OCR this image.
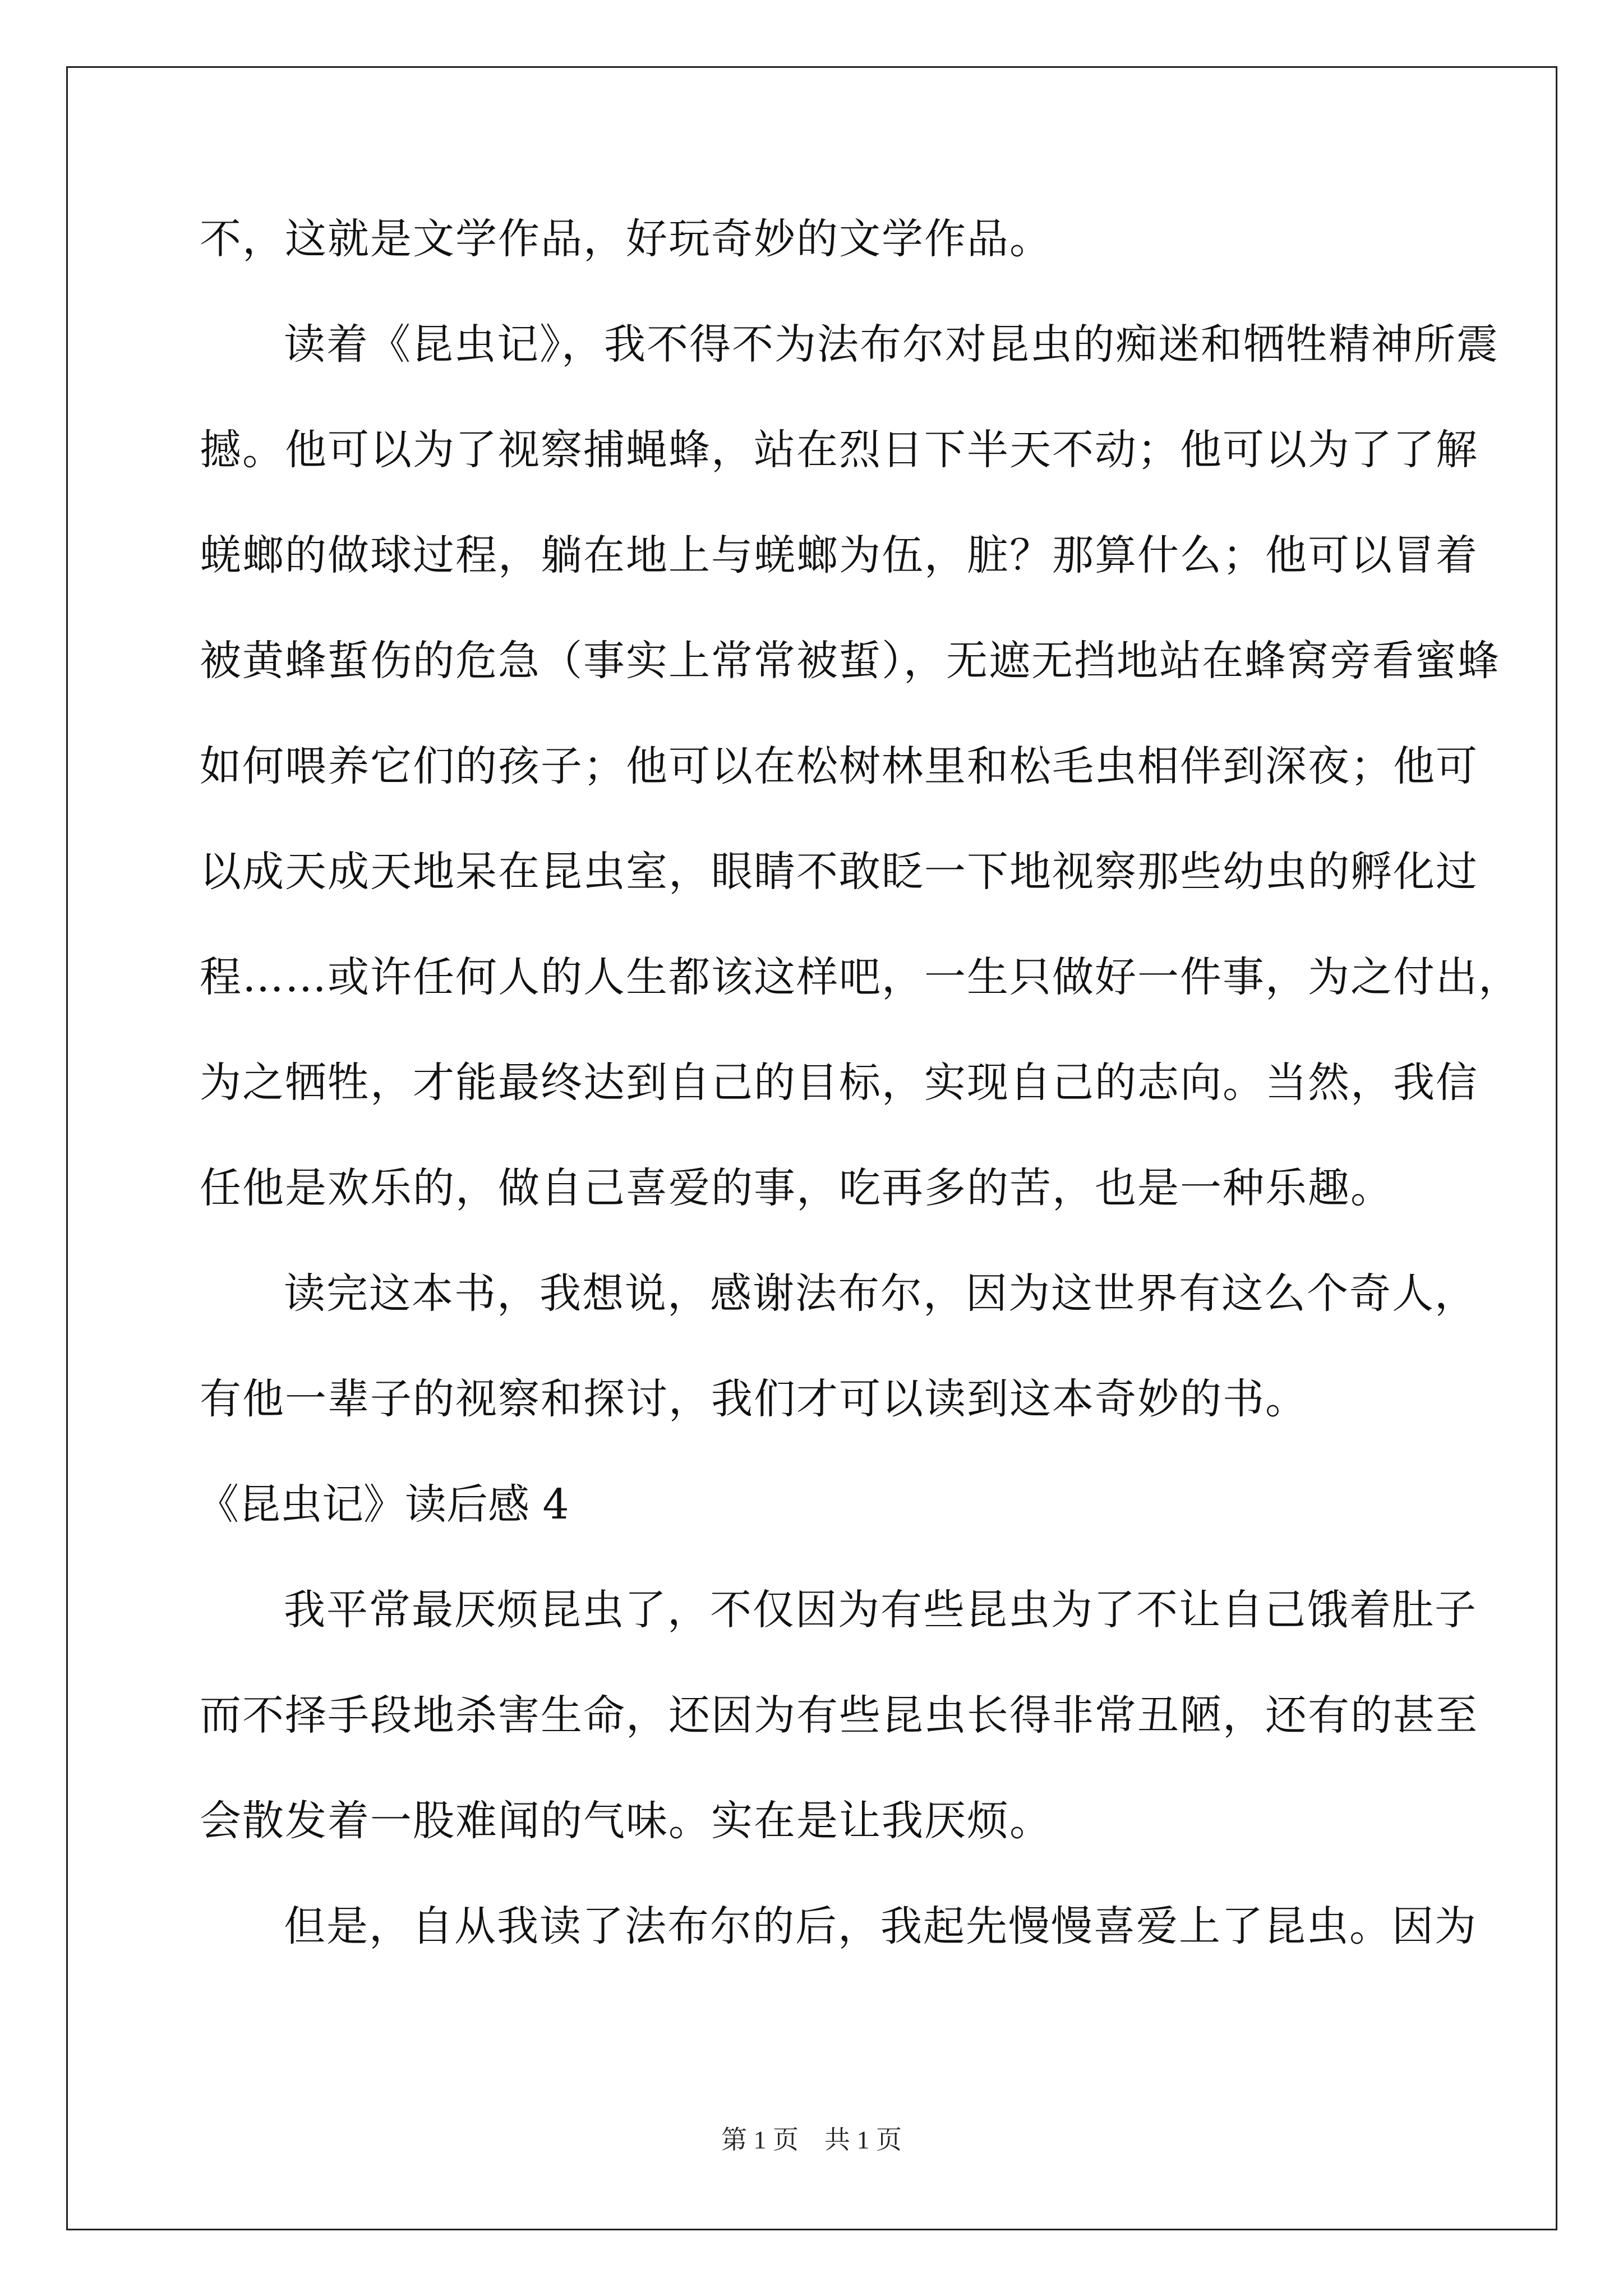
不，这就是文学作品，好玩奇妙的文学作品。
读着《昆虫记》，我不得不为法布尔对昆虫的痴迷和牺牲精神所震
撼。他可以为了视察捕蝇蜂，站在烈日下半天不动；他可以为了了解
蜣螂的做球过程，躺在地上与蜣螂为伍，脏？那算什么；他可以冒着
被黄蜂蜇伤的危急（事实上常常被蜇），无遮无挡地站在蜂窝旁看蜜蜂
如何喂养它们的孩子；他可以在松树林里和松毛虫相伴到深夜；他可
以成天成天地呆在昆虫室，眼睛不敢眨一下地视察那些幼虫的孵化过
程……或许任何人的人生都该这样吧，一生只做好一件事，为之付出，
为之牺牲，才能最终达到自己的目标，实现自己的志向。当然，我信
任他是欢乐的，做自己喜爱的事，吃再多的苦，也是一种乐趣。
读完这本书，我想说，感谢法布尔，因为这世界有这么个奇人，
有他一辈子的视察和探讨，我们才可以读到这本奇妙的书。
《昆虫记》读后感 4
我平常最厌烦昆虫了，不仅因为有些昆虫为了不让自己饿着肚子
而不择手段地杀害生命，还因为有些昆虫长得非常丑陋，还有的甚至
会散发着一股难闻的气味。实在是让我厌烦。
但是，自从我读了法布尔的后，我起先慢慢喜爱上了昆虫。因为
第 1 页　共 1 页
